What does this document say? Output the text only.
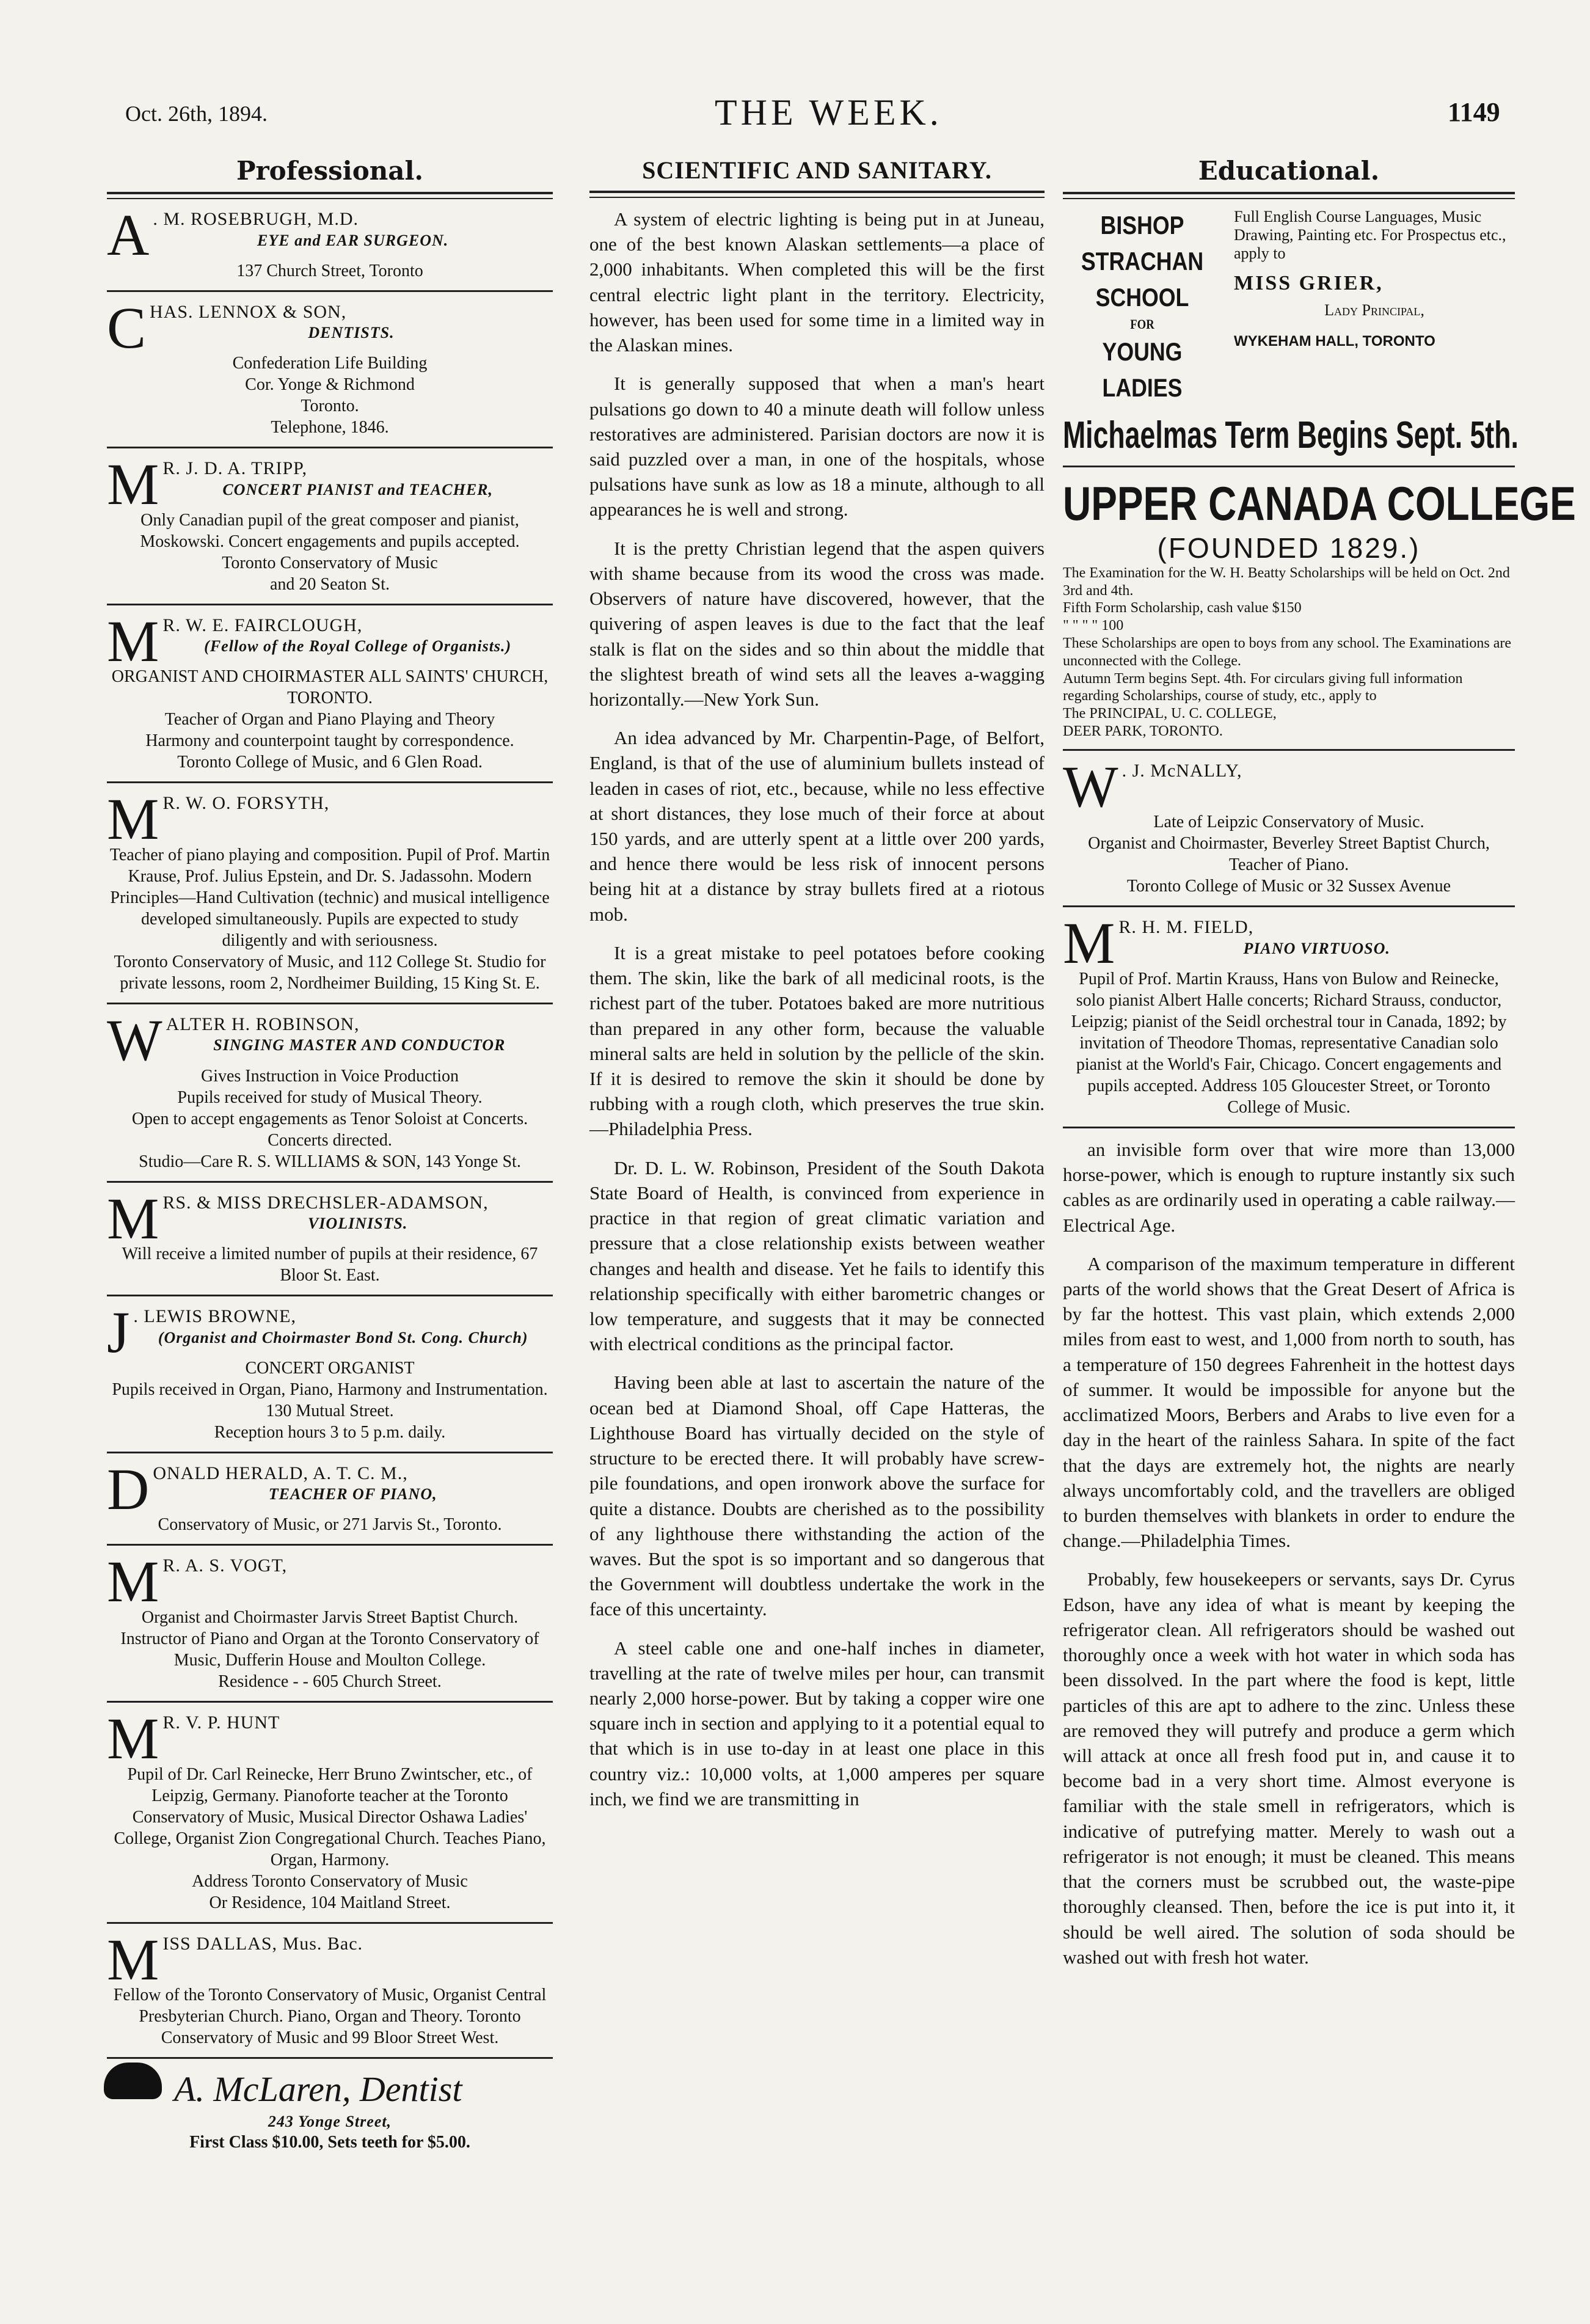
Oct. 26th, 1894.	THE WEEK.	1149
Professional.
A . M. ROSEBRUGH, M.D.
EYE and EAR SURGEON.
137 Church Street, Toronto
C HAS. LENNOX & SON,
DENTISTS.
Confederation Life Building
Cor. Yonge & Richmond
Toronto.
Telephone, 1846.
M R. J. D. A. TRIPP,
CONCERT PIANIST and TEACHER,
Only Canadian pupil of the great composer and pianist, Moskowski. Concert engagements and pupils accepted.
Toronto Conservatory of Music
and 20 Seaton St.
M R. W. E. FAIRCLOUGH,
(Fellow of the Royal College of Organists.)
ORGANIST AND CHOIRMASTER ALL SAINTS' CHURCH, TORONTO.
Teacher of Organ and Piano Playing and Theory
Harmony and counterpoint taught by correspondence.
Toronto College of Music, and 6 Glen Road.
M R. W. O. FORSYTH,
Teacher of piano playing and composition. Pupil of Prof. Martin Krause, Prof. Julius Epstein, and Dr. S. Jadassohn. Modern Principles—Hand Cultivation (technic) and musical intelligence developed simultaneously. Pupils are expected to study diligently and with seriousness.
Toronto Conservatory of Music, and 112 College St. Studio for private lessons, room 2, Nordheimer Building, 15 King St. E.
W ALTER H. ROBINSON,
SINGING MASTER AND CONDUCTOR
Gives Instruction in Voice Production
Pupils received for study of Musical Theory.
Open to accept engagements as Tenor Soloist at Concerts.
Concerts directed.
Studio—Care R. S. WILLIAMS & SON, 143 Yonge St.
M RS. & MISS DRECHSLER-ADAMSON,
VIOLINISTS.
Will receive a limited number of pupils at their residence, 67 Bloor St. East.
J . LEWIS BROWNE,
(Organist and Choirmaster Bond St. Cong. Church)
CONCERT ORGANIST
Pupils received in Organ, Piano, Harmony and Instrumentation. 130 Mutual Street.
Reception hours 3 to 5 p.m. daily.
D ONALD HERALD, A. T. C. M.,
TEACHER OF PIANO,
Conservatory of Music, or 271 Jarvis St., Toronto.
M R. A. S. VOGT,
Organist and Choirmaster Jarvis Street Baptist Church.
Instructor of Piano and Organ at the Toronto Conservatory of Music, Dufferin House and Moulton College.
Residence - - 605 Church Street.
M R. V. P. HUNT
Pupil of Dr. Carl Reinecke, Herr Bruno Zwintscher, etc., of Leipzig, Germany. Pianoforte teacher at the Toronto Conservatory of Music, Musical Director Oshawa Ladies' College, Organist Zion Congregational Church. Teaches Piano, Organ, Harmony.
Address Toronto Conservatory of Music
Or Residence, 104 Maitland Street.
M ISS DALLAS, Mus. Bac.
Fellow of the Toronto Conservatory of Music, Organist Central Presbyterian Church. Piano, Organ and Theory. Toronto Conservatory of Music and 99 Bloor Street West.
A. McLaren, Dentist
243 Yonge Street,
First Class $10.00, Sets teeth for $5.00.
SCIENTIFIC AND SANITARY.

A system of electric lighting is being put in at Juneau, one of the best known Alaskan settlements—a place of 2,000 inhabitants. When completed this will be the first central electric light plant in the territory. Electricity, however, has been used for some time in a limited way in the Alaskan mines.

It is generally supposed that when a man's heart pulsations go down to 40 a minute death will follow unless restoratives are administered. Parisian doctors are now it is said puzzled over a man, in one of the hospitals, whose pulsations have sunk as low as 18 a minute, although to all appearances he is well and strong.

It is the pretty Christian legend that the aspen quivers with shame because from its wood the cross was made. Observers of nature have discovered, however, that the quivering of aspen leaves is due to the fact that the leaf stalk is flat on the sides and so thin about the middle that the slightest breath of wind sets all the leaves a-wagging horizontally.—New York Sun.

An idea advanced by Mr. Charpentin-Page, of Belfort, England, is that of the use of aluminium bullets instead of leaden in cases of riot, etc., because, while no less effective at short distances, they lose much of their force at about 150 yards, and are utterly spent at a little over 200 yards, and hence there would be less risk of innocent persons being hit at a distance by stray bullets fired at a riotous mob.

It is a great mistake to peel potatoes before cooking them. The skin, like the bark of all medicinal roots, is the richest part of the tuber. Potatoes baked are more nutritious than prepared in any other form, because the valuable mineral salts are held in solution by the pellicle of the skin. If it is desired to remove the skin it should be done by rubbing with a rough cloth, which preserves the true skin.—Philadelphia Press.

Dr. D. L. W. Robinson, President of the South Dakota State Board of Health, is convinced from experience in practice in that region of great climatic variation and pressure that a close relationship exists between weather changes and health and disease. Yet he fails to identify this relationship specifically with either barometric changes or low temperature, and suggests that it may be connected with electrical conditions as the principal factor.

Having been able at last to ascertain the nature of the ocean bed at Diamond Shoal, off Cape Hatteras, the Lighthouse Board has virtually decided on the style of structure to be erected there. It will probably have screw-pile foundations, and open ironwork above the surface for quite a distance. Doubts are cherished as to the possibility of any lighthouse there withstanding the action of the waves. But the spot is so important and so dangerous that the Government will doubtless undertake the work in the face of this uncertainty.

A steel cable one and one-half inches in diameter, travelling at the rate of twelve miles per hour, can transmit nearly 2,000 horse-power. But by taking a copper wire one square inch in section and applying to it a potential equal to that which is in use to-day in at least one place in this country viz.: 10,000 volts, at 1,000 amperes per square inch, we find we are transmitting in

Educational.
BISHOP
STRACHAN
SCHOOL
FOR
YOUNG LADIES
Full English Course Languages, Music Drawing, Painting etc. For Prospectus etc., apply to
MISS GRIER,
Lady Principal,
WYKEHAM HALL, TORONTO
Michaelmas Term Begins Sept. 5th.
UPPER CANADA COLLEGE
(FOUNDED 1829.)
The Examination for the W. H. Beatty Scholarships will be held on Oct. 2nd 3rd and 4th.
Fifth Form Scholarship, cash value $150
" " " " 100
These Scholarships are open to boys from any school. The Examinations are unconnected with the College.
Autumn Term begins Sept. 4th. For circulars giving full information regarding Scholarships, course of study, etc., apply to
The PRINCIPAL, U. C. COLLEGE,
DEER PARK, TORONTO.
W . J. McNALLY,
Late of Leipzic Conservatory of Music.
Organist and Choirmaster, Beverley Street Baptist Church, Teacher of Piano.
Toronto College of Music or 32 Sussex Avenue
M R. H. M. FIELD,
PIANO VIRTUOSO.
Pupil of Prof. Martin Krauss, Hans von Bulow and Reinecke, solo pianist Albert Halle concerts; Richard Strauss, conductor, Leipzig; pianist of the Seidl orchestral tour in Canada, 1892; by invitation of Theodore Thomas, representative Canadian solo pianist at the World's Fair, Chicago. Concert engagements and pupils accepted. Address 105 Gloucester Street, or Toronto College of Music.

an invisible form over that wire more than 13,000 horse-power, which is enough to rupture instantly six such cables as are ordinarily used in operating a cable railway.—Electrical Age.

A comparison of the maximum temperature in different parts of the world shows that the Great Desert of Africa is by far the hottest. This vast plain, which extends 2,000 miles from east to west, and 1,000 from north to south, has a temperature of 150 degrees Fahrenheit in the hottest days of summer. It would be impossible for anyone but the acclimatized Moors, Berbers and Arabs to live even for a day in the heart of the rainless Sahara. In spite of the fact that the days are extremely hot, the nights are nearly always uncomfortably cold, and the travellers are obliged to burden themselves with blankets in order to endure the change.—Philadelphia Times.

Probably, few housekeepers or servants, says Dr. Cyrus Edson, have any idea of what is meant by keeping the refrigerator clean. All refrigerators should be washed out thoroughly once a week with hot water in which soda has been dissolved. In the part where the food is kept, little particles of this are apt to adhere to the zinc. Unless these are removed they will putrefy and produce a germ which will attack at once all fresh food put in, and cause it to become bad in a very short time. Almost everyone is familiar with the stale smell in refrigerators, which is indicative of putrefying matter. Merely to wash out a refrigerator is not enough; it must be cleaned. This means that the corners must be scrubbed out, the waste-pipe thoroughly cleansed. Then, before the ice is put into it, it should be well aired. The solution of soda should be washed out with fresh hot water.
